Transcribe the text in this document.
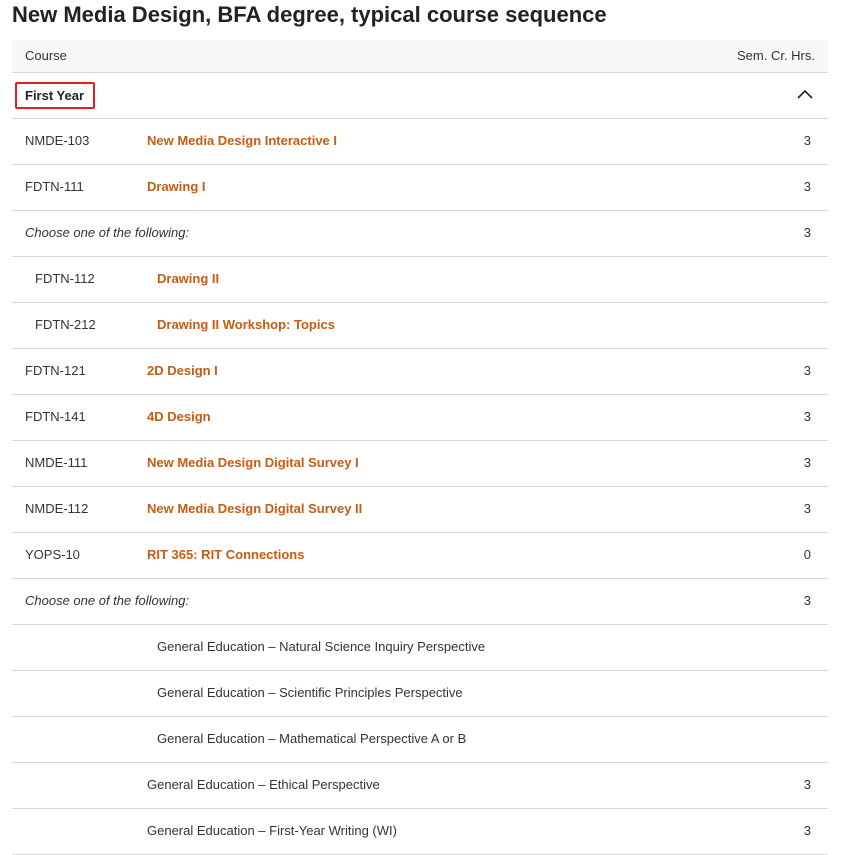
New Media Design, BFA degree, typical course sequence
Course	Sem. Cr. Hrs.
First Year
NMDE-103	New Media Design Interactive I	3
FDTN-111	Drawing I	3
Choose one of the following:	3
FDTN-112	Drawing II
FDTN-212	Drawing II Workshop: Topics
FDTN-121	2D Design I	3
FDTN-141	4D Design	3
NMDE-111	New Media Design Digital Survey I	3
NMDE-112	New Media Design Digital Survey II	3
YOPS-10	RIT 365: RIT Connections	0
Choose one of the following:	3
General Education – Natural Science Inquiry Perspective
General Education – Scientific Principles Perspective
General Education – Mathematical Perspective A or B
General Education – Ethical Perspective	3
General Education – First-Year Writing (WI)	3
